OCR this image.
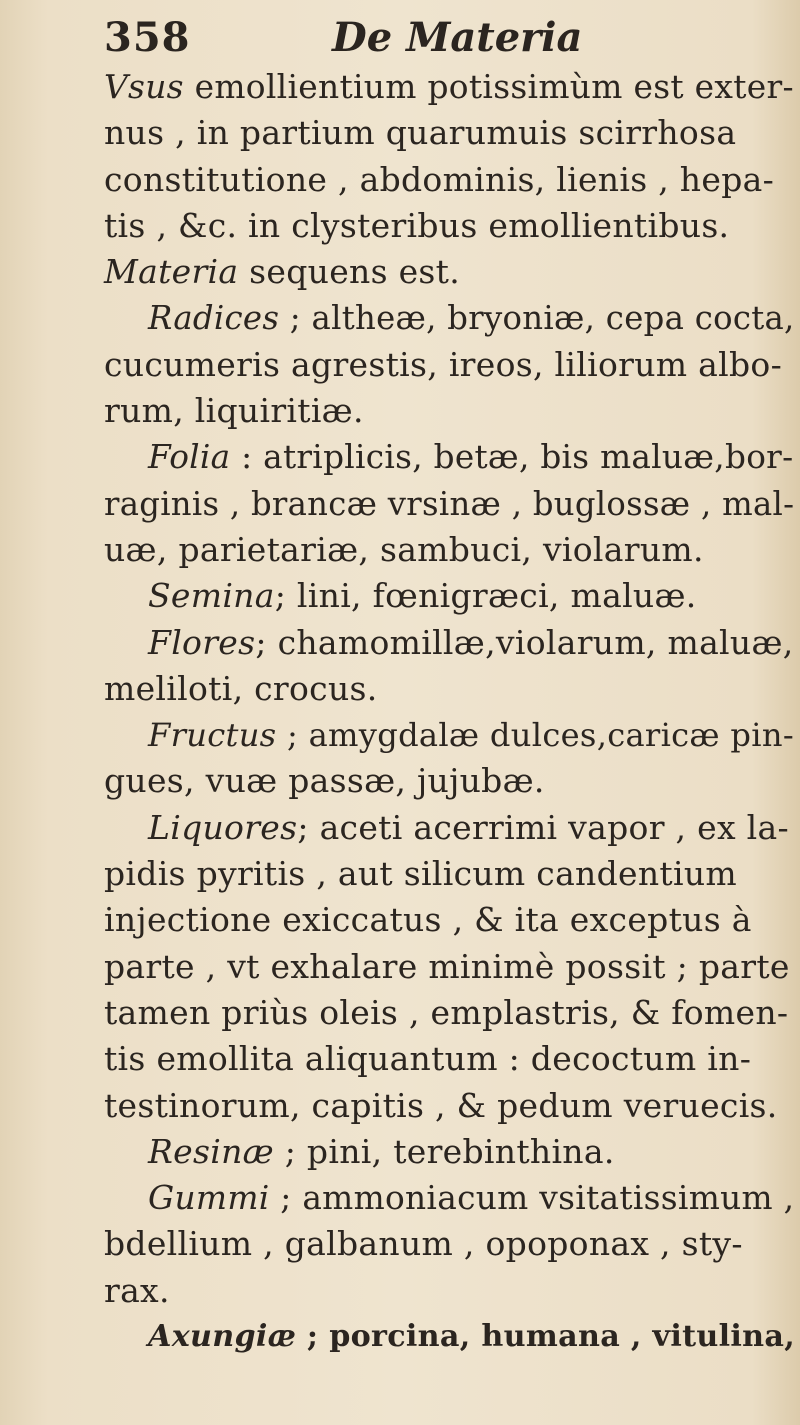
358	De Materia
Vsus emollientium potissimùm est exter-
nus , in partium quarumuis scirrhosa
constitutione , abdominis, lienis , hepa-
tis , &c. in clysteribus emollientibus.
Materia sequens est.
Radices ; altheæ, bryoniæ, cepa cocta,
cucumeris agrestis, ireos, liliorum albo-
rum, liquiritiæ.
Folia : atriplicis, betæ, bis maluæ,bor-
raginis , brancæ vrsinæ , buglossæ , mal-
uæ, parietariæ, sambuci, violarum.
Semina; lini, fœnigræci, maluæ.
Flores; chamomillæ,violarum, maluæ,
meliloti, crocus.
Fructus ; amygdalæ dulces,caricæ pin-
gues, vuæ passæ, jujubæ.
Liquores; aceti acerrimi vapor , ex la-
pidis pyritis , aut silicum candentium
injectione exiccatus , & ita exceptus à
parte , vt exhalare minimè possit ; parte
tamen priùs oleis , emplastris, & fomen-
tis emollita aliquantum : decoctum in-
testinorum, capitis , & pedum veruecis.
Resinæ ; pini, terebinthina.
Gummi ; ammoniacum vsitatissimum ,
bdellium , galbanum , opoponax , sty-
rax.
Axungiæ ; porcina, humana , vitulina,
